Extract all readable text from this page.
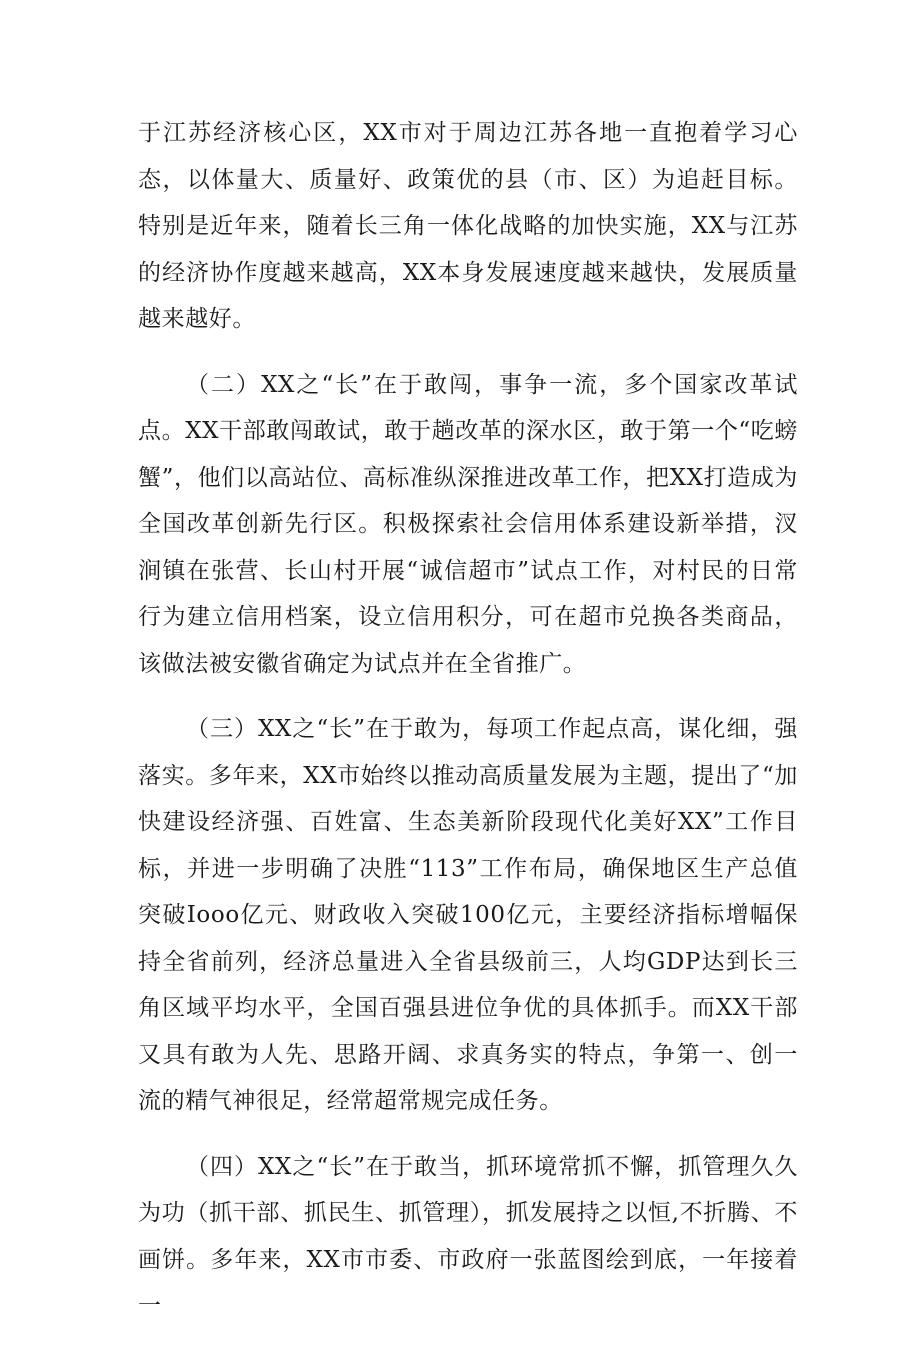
于江苏经济核心区，XX市对于周边江苏各地一直抱着学习心态，以体量大、质量好、政策优的县（市、区）为追赶目标。特别是近年来，随着长三角一体化战略的加快实施，XX与江苏的经济协作度越来越高，XX本身发展速度越来越快，发展质量越来越好。

（二）XX之“长”在于敢闯，事争一流，多个国家改革试点。XX干部敢闯敢试，敢于趟改革的深水区，敢于第一个“吃螃蟹”，他们以高站位、高标准纵深推进改革工作，把XX打造成为全国改革创新先行区。积极探索社会信用体系建设新举措，汊涧镇在张营、长山村开展“诚信超市”试点工作，对村民的日常行为建立信用档案，设立信用积分，可在超市兑换各类商品，该做法被安徽省确定为试点并在全省推广。

（三）XX之“长”在于敢为，每项工作起点高，谋化细，强落实。多年来，XX市始终以推动高质量发展为主题，提出了“加快建设经济强、百姓富、生态美新阶段现代化美好XX”工作目标，并进一步明确了决胜“113”工作布局，确保地区生产总值突破Iooo亿元、财政收入突破100亿元，主要经济指标增幅保持全省前列，经济总量进入全省县级前三，人均GDP达到长三角区域平均水平，全国百强县进位争优的具体抓手。而XX干部又具有敢为人先、思路开阔、求真务实的特点，争第一、创一流的精气神很足，经常超常规完成任务。

（四）XX之“长”在于敢当，抓环境常抓不懈，抓管理久久为功（抓干部、抓民生、抓管理），抓发展持之以恒,不折腾、不画饼。多年来，XX市市委、市政府一张蓝图绘到底，一年接着一
